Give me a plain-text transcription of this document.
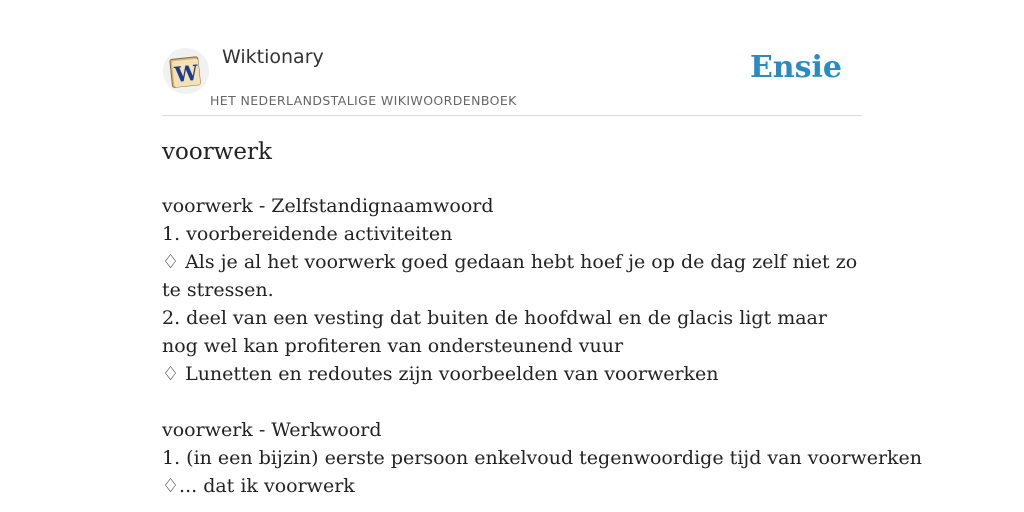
W
Wiktionary
HET NEDERLANDSTALIGE WIKIWOORDENBOEK
Ensie
voorwerk
voorwerk - Zelfstandignaamwoord
1. voorbereidende activiteiten
♢ Als je al het voorwerk goed gedaan hebt hoef je op de dag zelf niet zo te stressen.
2. deel van een vesting dat buiten de hoofdwal en de glacis ligt maar nog wel kan profiteren van ondersteunend vuur
♢ Lunetten en redoutes zijn voorbeelden van voorwerken
voorwerk - Werkwoord
1. (in een bijzin) eerste persoon enkelvoud tegenwoordige tijd van voorwerken
♢... dat ik voorwerk
